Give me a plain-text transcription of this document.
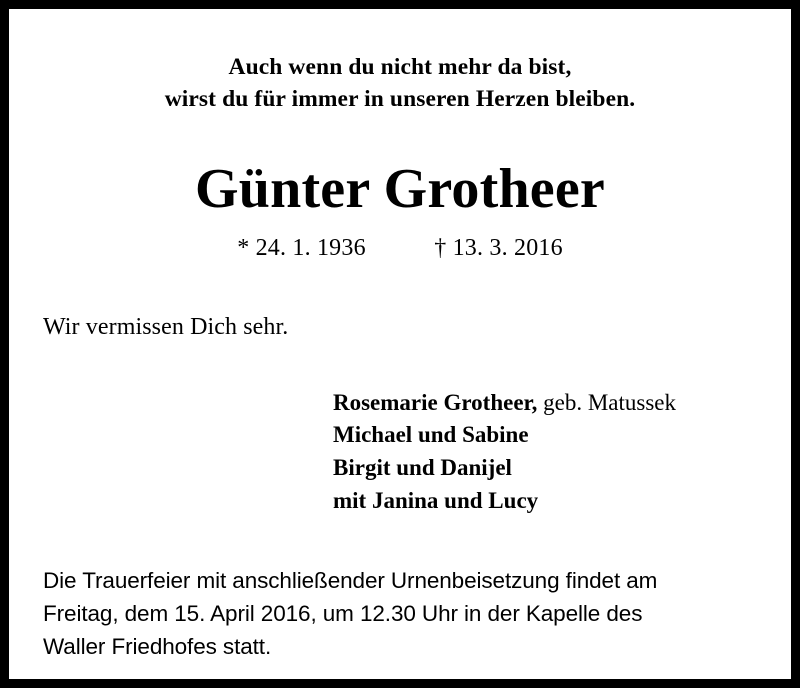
Auch wenn du nicht mehr da bist,
wirst du für immer in unseren Herzen bleiben.
Günter Grotheer
* 24. 1. 1936	† 13. 3. 2016
Wir vermissen Dich sehr.
Rosemarie Grotheer, geb. Matussek
Michael und Sabine
Birgit und Danijel
mit Janina und Lucy
Die Trauerfeier mit anschließender Urnenbeisetzung findet am
Freitag, dem 15. April 2016, um 12.30 Uhr in der Kapelle des
Waller Friedhofes statt.
